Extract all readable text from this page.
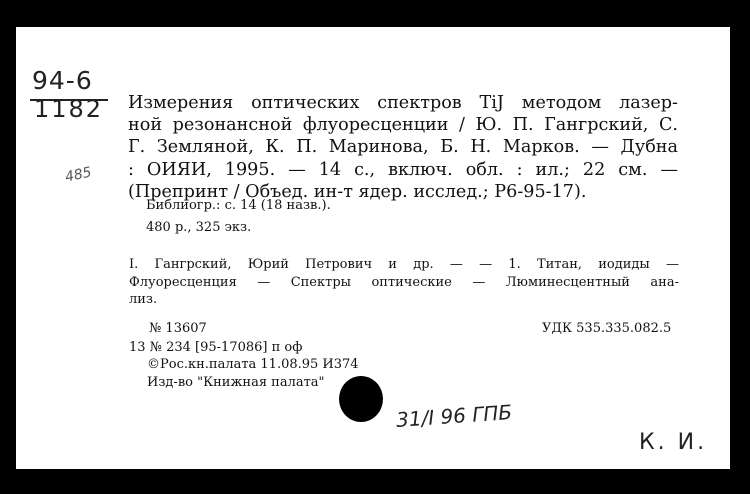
94-6
1182
485
Измерения оптических спектров TiJ методом лазер-
ной резонансной флуоресценции / Ю. П. Гангрский, С.
Г. Земляной, К. П. Маринова, Б. Н. Марков. — Дубна
: ОИЯИ, 1995. — 14 с., включ. обл. : ил.; 22 см. —
(Препринт / Объед. ин-т ядер. исслед.; Р6-95-17).
Библиогр.: с. 14 (18 назв.).
480 р., 325 экз.
I. Гангрский, Юрий Петрович и др. — — 1. Титан, иодиды —
Флуоресценция — Спектры оптические — Люминесцентный ана-
лиз.
№ 13607	УДК 535.335.082.5
13 № 234 [95-17086] п оф
©Рос.кн.палата 11.08.95 И374
Изд-во "Книжная палата"
31/I 96 ГПБ
К. И.
